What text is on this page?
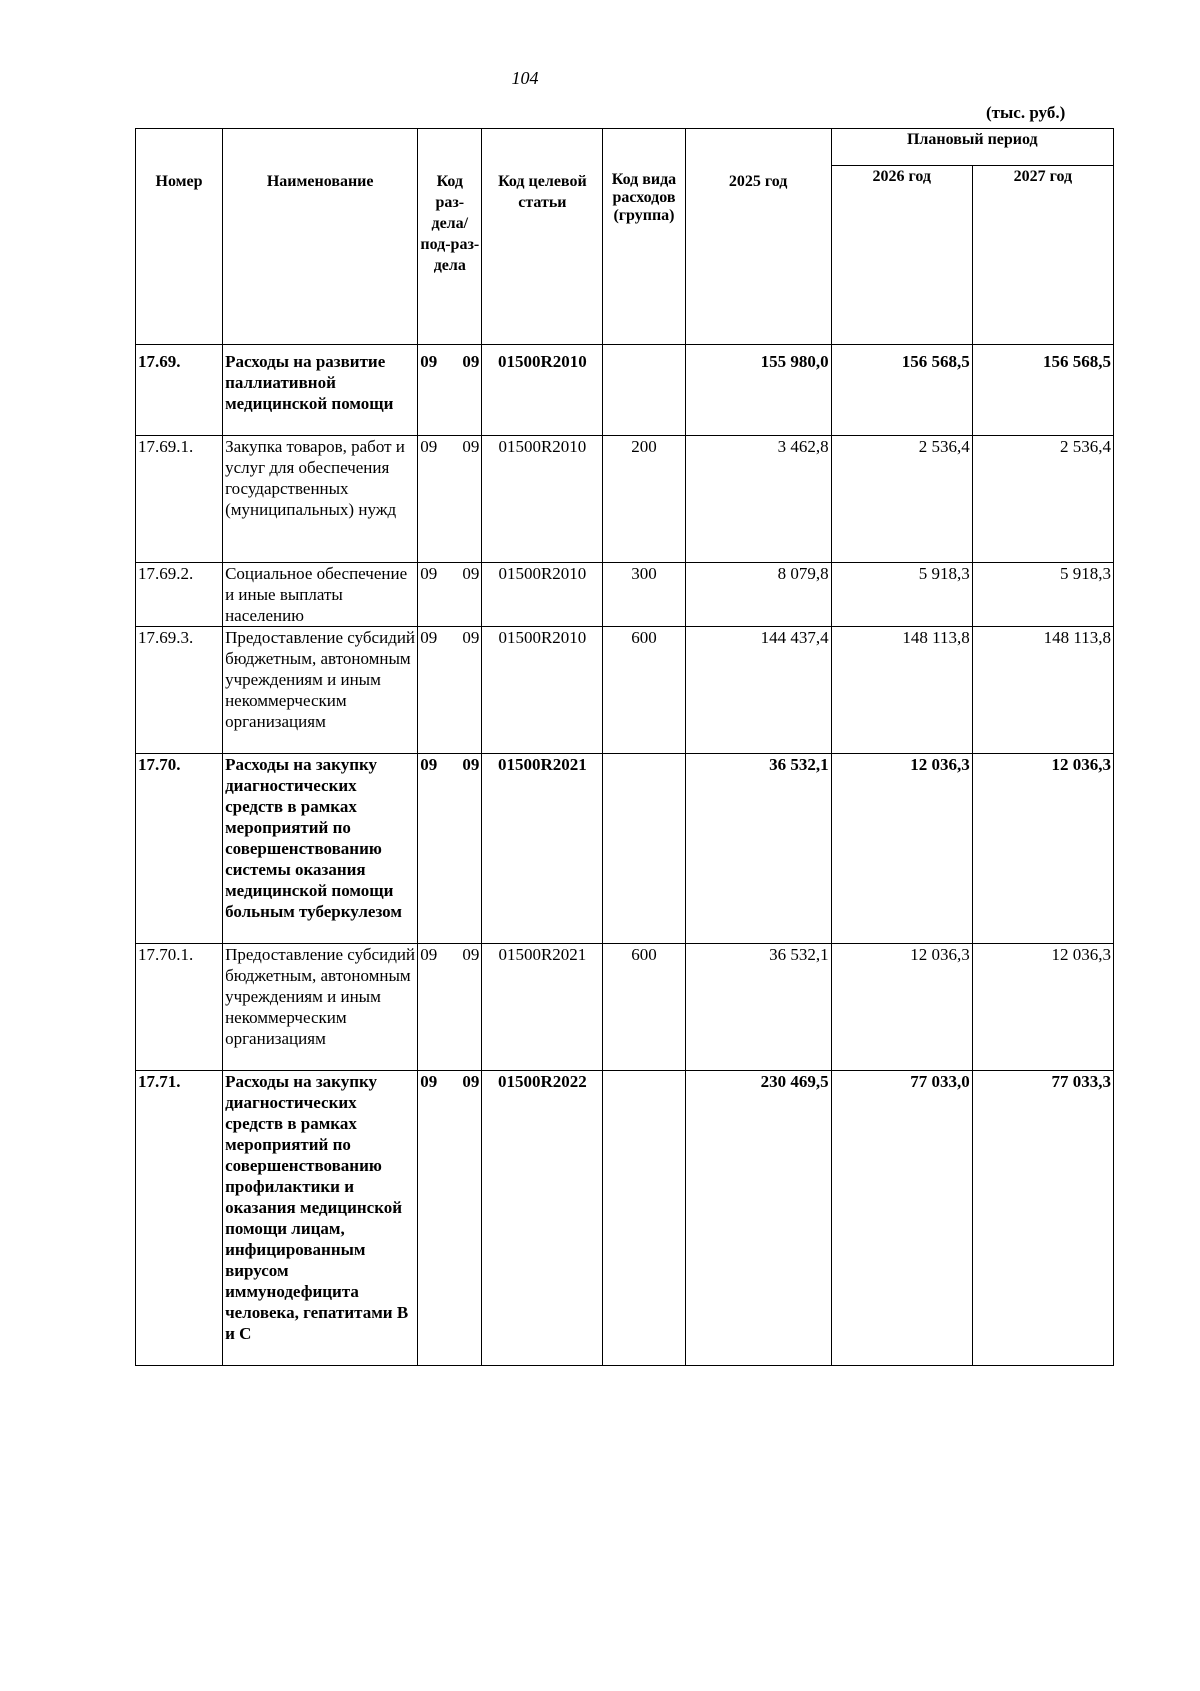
104
(тыс. руб.)
Номер	Наименование	Код раз-дела/ под-раз-дела	Код целевой статьи	Код вида расходов (группа)	2025 год	Плановый период	
						2026 год	2027 год
17.69.	Расходы на развитие паллиативной медицинской помощи	09 09	01500R2010		155 980,0	156 568,5	156 568,5
17.69.1.	Закупка товаров, работ и услуг для обеспечения государственных (муниципальных) нужд	09 09	01500R2010	200	3 462,8	2 536,4	2 536,4
17.69.2.	Социальное обеспечение и иные выплаты населению	09 09	01500R2010	300	8 079,8	5 918,3	5 918,3
17.69.3.	Предоставление субсидий бюджетным, автономным учреждениям и иным некоммерческим организациям	09 09	01500R2010	600	144 437,4	148 113,8	148 113,8
17.70.	Расходы на закупку диагностических средств в рамках мероприятий по совершенствованию системы оказания медицинской помощи больным туберкулезом	09 09	01500R2021		36 532,1	12 036,3	12 036,3
17.70.1.	Предоставление субсидий бюджетным, автономным учреждениям и иным некоммерческим организациям	09 09	01500R2021	600	36 532,1	12 036,3	12 036,3
17.71.	Расходы на закупку диагностических средств в рамках мероприятий по совершенствованию профилактики и оказания медицинской помощи лицам, инфицированным вирусом иммунодефицита человека, гепатитами B и C	09 09	01500R2022		230 469,5	77 033,0	77 033,3
